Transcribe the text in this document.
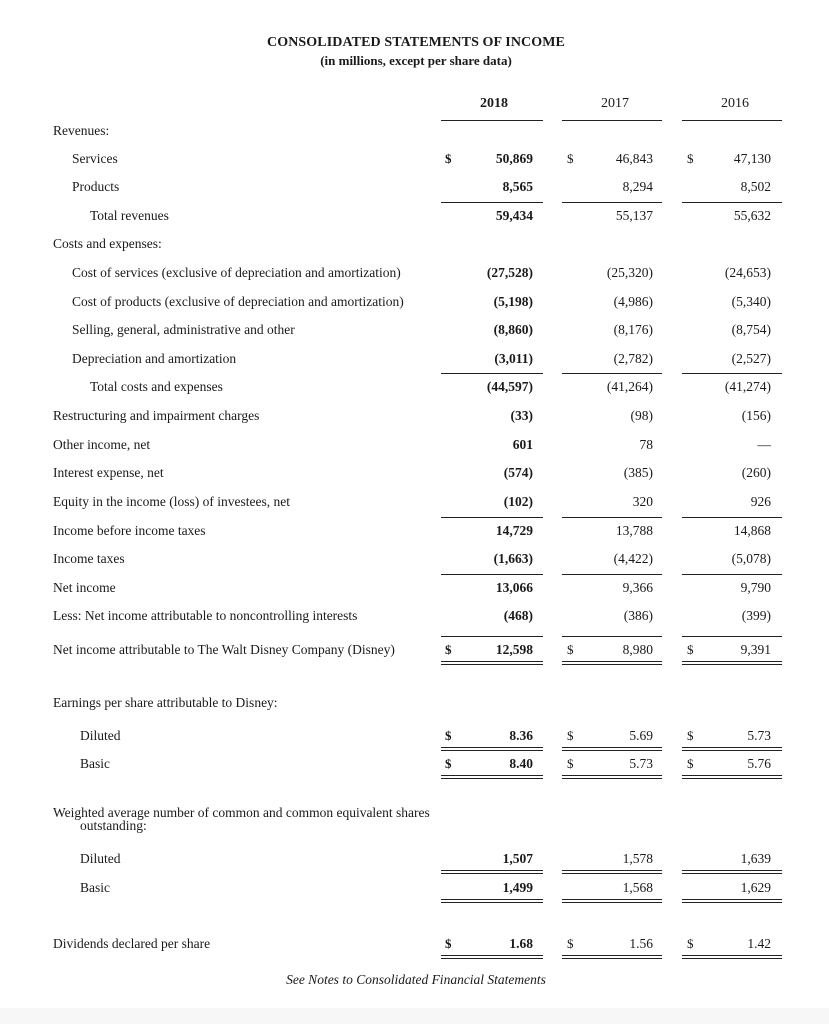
CONSOLIDATED STATEMENTS OF INCOME
(in millions, except per share data)
2018	2017	2016
Revenues:
Services	$	50,869	$	46,843	$	47,130
Products	8,565	8,294	8,502
Total revenues	59,434	55,137	55,632
Costs and expenses:
Cost of services (exclusive of depreciation and amortization)	(27,528)	(25,320)	(24,653)
Cost of products (exclusive of depreciation and amortization)	(5,198)	(4,986)	(5,340)
Selling, general, administrative and other	(8,860)	(8,176)	(8,754)
Depreciation and amortization	(3,011)	(2,782)	(2,527)
Total costs and expenses	(44,597)	(41,264)	(41,274)
Restructuring and impairment charges	(33)	(98)	(156)
Other income, net	601	78	—
Interest expense, net	(574)	(385)	(260)
Equity in the income (loss) of investees, net	(102)	320	926
Income before income taxes	14,729	13,788	14,868
Income taxes	(1,663)	(4,422)	(5,078)
Net income	13,066	9,366	9,790
Less: Net income attributable to noncontrolling interests	(468)	(386)	(399)
Net income attributable to The Walt Disney Company (Disney)	$	12,598	$	8,980	$	9,391
Earnings per share attributable to Disney:
Diluted	$	8.36	$	5.69	$	5.73
Basic	$	8.40	$	5.73	$	5.76
Weighted average number of common and common equivalent shares outstanding:
Diluted	1,507	1,578	1,639
Basic	1,499	1,568	1,629
Dividends declared per share	$	1.68	$	1.56	$	1.42
See Notes to Consolidated Financial Statements
